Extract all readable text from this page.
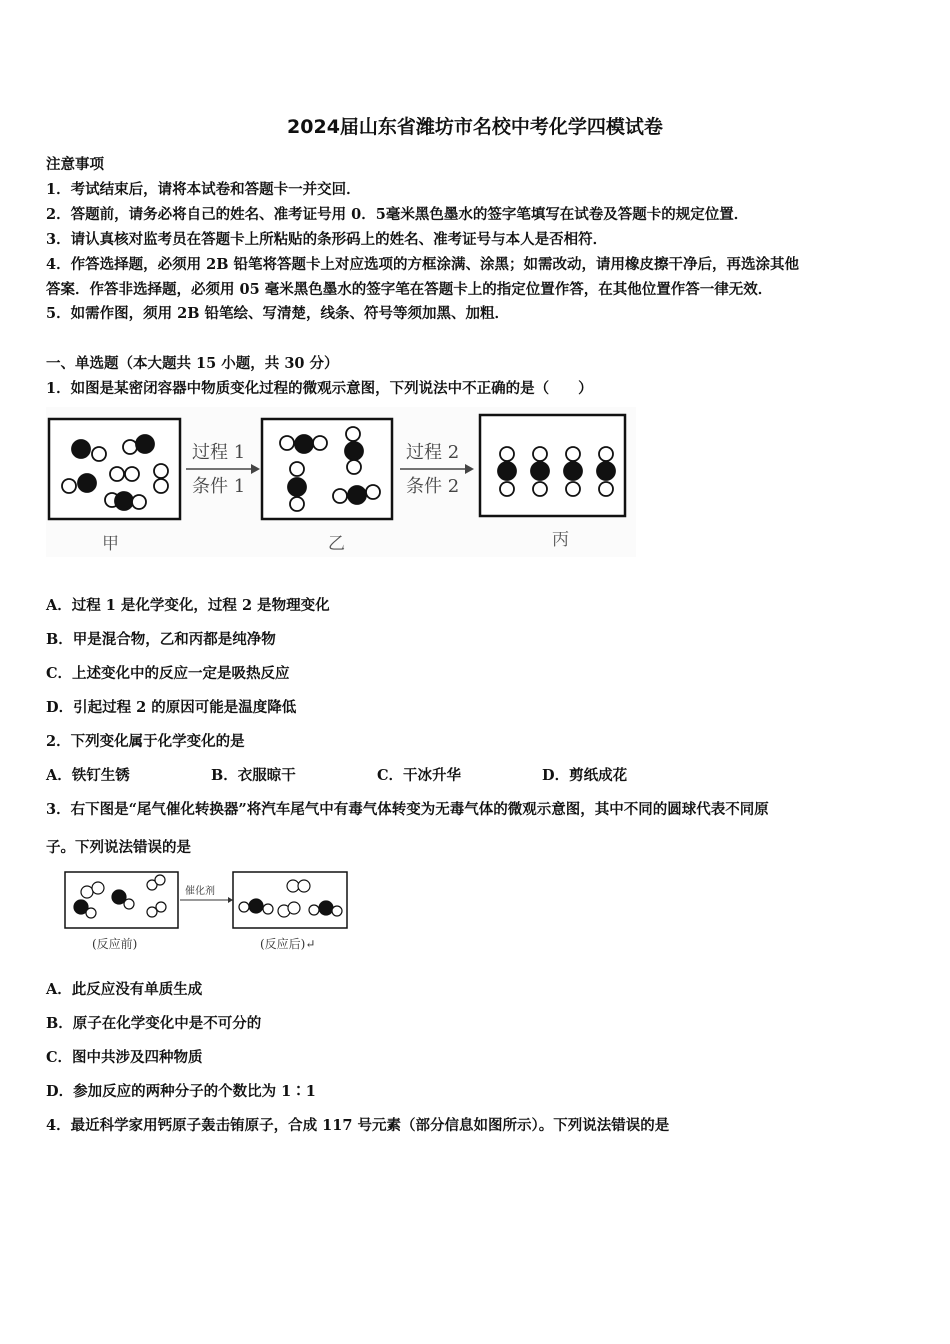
2024届山东省潍坊市名校中考化学四模试卷
注意事项
1．考试结束后，请将本试卷和答题卡一并交回．
2．答题前，请务必将自己的姓名、准考证号用 0．5毫米黑色墨水的签字笔填写在试卷及答题卡的规定位置．
3．请认真核对监考员在答题卡上所粘贴的条形码上的姓名、准考证号与本人是否相符．
4．作答选择题，必须用 2B 铅笔将答题卡上对应选项的方框涂满、涂黑；如需改动，请用橡皮擦干净后，再选涂其他
答案．作答非选择题，必须用 05 毫米黑色墨水的签字笔在答题卡上的指定位置作答，在其他位置作答一律无效．
5．如需作图，须用 2B 铅笔绘、写清楚，线条、符号等须加黑、加粗．
一、单选题（本大题共 15 小题，共 30 分）
1．如图是某密闭容器中物质变化过程的微观示意图，下列说法中不正确的是（　　）
过程 1
条件 1
过程 2
条件 2
甲	乙	丙
A．过程 1 是化学变化，过程 2 是物理变化
B．甲是混合物，乙和丙都是纯净物
C．上述变化中的反应一定是吸热反应
D．引起过程 2 的原因可能是温度降低
2．下列变化属于化学变化的是
A．铁钉生锈	B．衣服晾干	C．干冰升华	D．剪纸成花
3．右下图是“尾气催化转换器”将汽车尾气中有毒气体转变为无毒气体的微观示意图，其中不同的圆球代表不同原
子。下列说法错误的是
催化剂
(反应前)	(反应后)↵
A．此反应没有单质生成
B．原子在化学变化中是不可分的
C．图中共涉及四种物质
D．参加反应的两种分子的个数比为 1∶1
4．最近科学家用钙原子轰击铕原子，合成 117 号元素（部分信息如图所示）。下列说法错误的是
